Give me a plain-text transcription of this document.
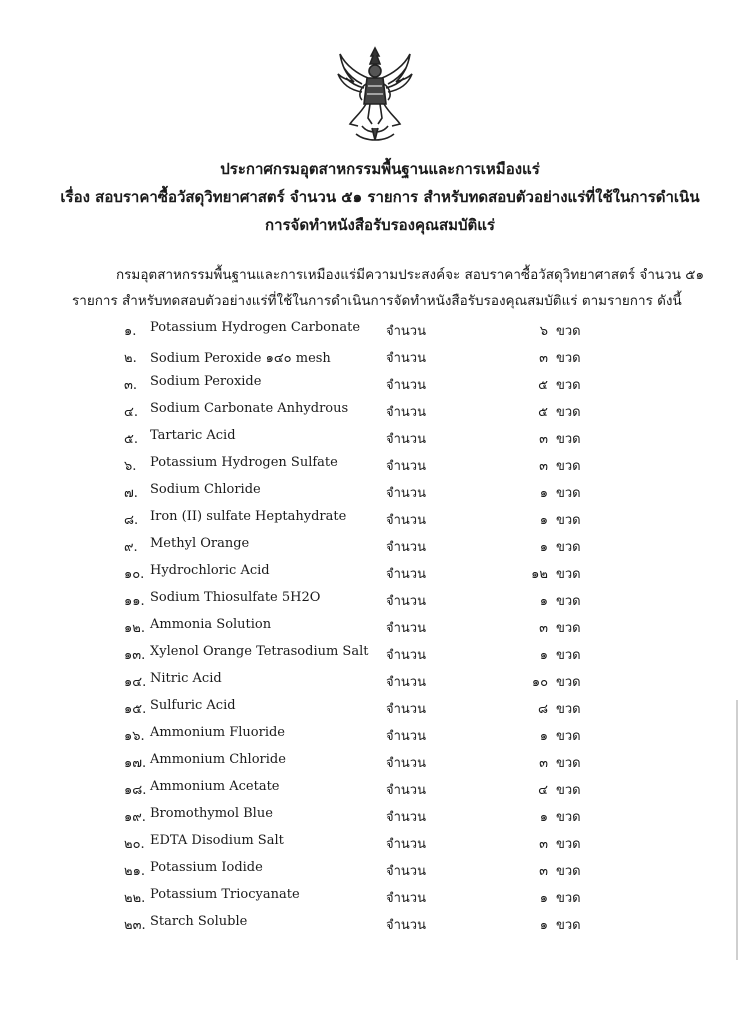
ประกาศกรมอุตสาหกรรมพื้นฐานและการเหมืองแร่
เรื่อง สอบราคาซื้อวัสดุวิทยาศาสตร์ จำนวน ๕๑ รายการ สำหรับทดสอบตัวอย่างแร่ที่ใช้ในการดำเนิน
การจัดทำหนังสือรับรองคุณสมบัติแร่
กรมอุตสาหกรรมพื้นฐานและการเหมืองแร่มีความประสงค์จะ สอบราคาซื้อวัสดุวิทยาศาสตร์ จำนวน ๕๑
รายการ สำหรับทดสอบตัวอย่างแร่ที่ใช้ในการดำเนินการจัดทำหนังสือรับรองคุณสมบัติแร่ ตามรายการ ดังนี้
๑. Potassium Hydrogen Carbonate จำนวน	๖ ขวด
๒. Sodium Peroxide ๑๔๐ mesh	จำนวน	๓ ขวด
๓. Sodium Peroxide	จำนวน	๕ ขวด
๔. Sodium Carbonate Anhydrous	จำนวน	๕ ขวด
๕. Tartaric Acid	จำนวน	๓ ขวด
๖. Potassium Hydrogen Sulfate	จำนวน	๓ ขวด
๗. Sodium Chloride	จำนวน	๑ ขวด
๘. Iron (II) sulfate Heptahydrate	จำนวน	๑ ขวด
๙. Methyl Orange	จำนวน	๑ ขวด
๑๐. Hydrochloric Acid	จำนวน	๑๒ ขวด
๑๑. Sodium Thiosulfate 5H2O	จำนวน	๑ ขวด
๑๒. Ammonia Solution	จำนวน	๓ ขวด
๑๓. Xylenol Orange Tetrasodium Salt จำนวน	๑ ขวด
๑๔. Nitric Acid	จำนวน	๑๐ ขวด
๑๕. Sulfuric Acid	จำนวน	๘ ขวด
๑๖. Ammonium Fluoride	จำนวน	๑ ขวด
๑๗. Ammonium Chloride	จำนวน	๓ ขวด
๑๘. Ammonium Acetate	จำนวน	๔ ขวด
๑๙. Bromothymol Blue	จำนวน	๑ ขวด
๒๐. EDTA Disodium Salt	จำนวน	๓ ขวด
๒๑. Potassium Iodide	จำนวน	๓ ขวด
๒๒. Potassium Triocyanate	จำนวน	๑ ขวด
๒๓. Starch Soluble	จำนวน	๑ ขวด
